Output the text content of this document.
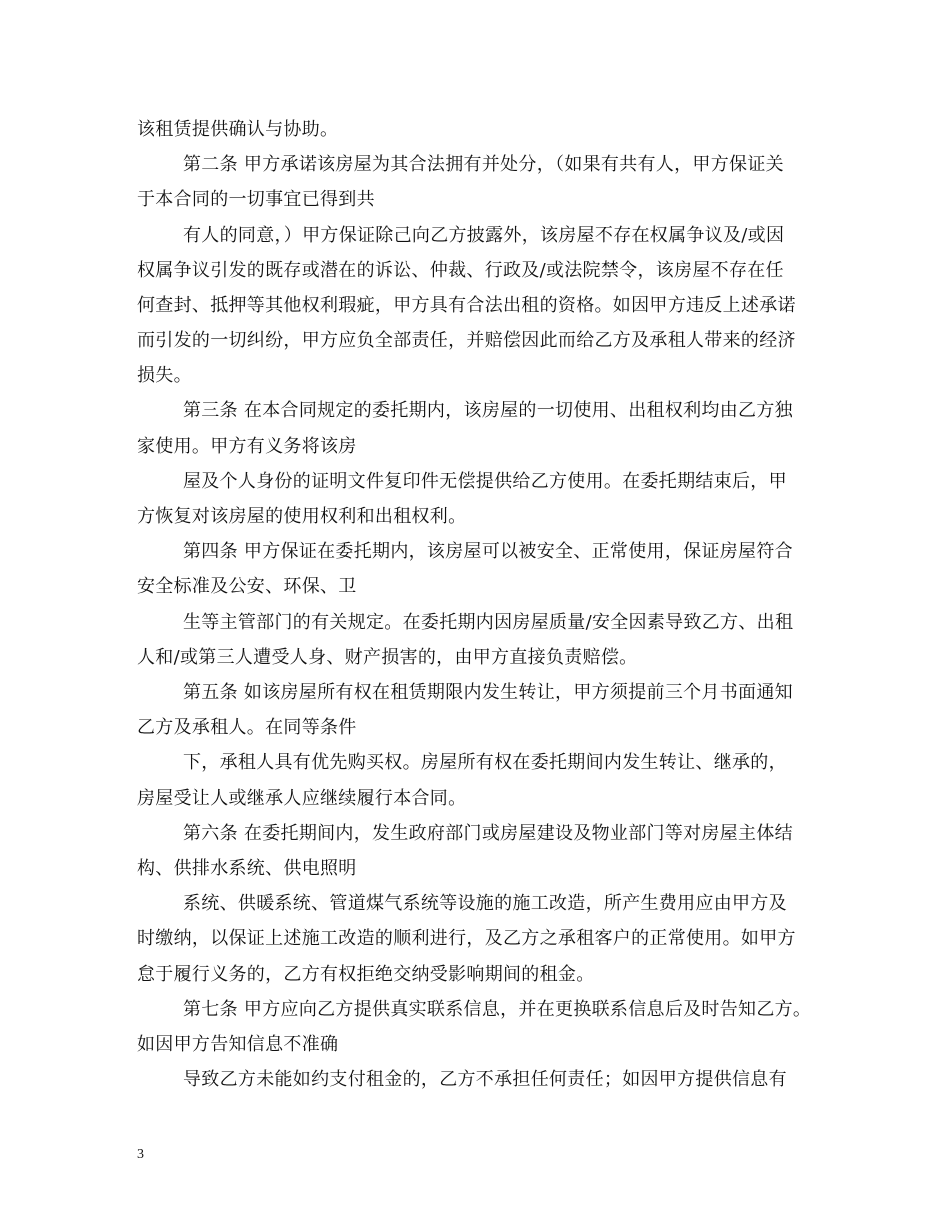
该租赁提供确认与协助。
第二条 甲方承诺该房屋为其合法拥有并处分，（如果有共有人，甲方保证关
于本合同的一切事宜已得到共
有人的同意，）甲方保证除己向乙方披露外，该房屋不存在权属争议及/或因
权属争议引发的既存或潜在的诉讼、仲裁、行政及/或法院禁令，该房屋不存在任
何查封、抵押等其他权利瑕疵，甲方具有合法出租的资格。如因甲方违反上述承诺
而引发的一切纠纷，甲方应负全部责任，并赔偿因此而给乙方及承租人带来的经济
损失。
第三条 在本合同规定的委托期内，该房屋的一切使用、出租权利均由乙方独
家使用。甲方有义务将该房
屋及个人身份的证明文件复印件无偿提供给乙方使用。在委托期结束后，甲
方恢复对该房屋的使用权利和出租权利。
第四条 甲方保证在委托期内，该房屋可以被安全、正常使用，保证房屋符合
安全标准及公安、环保、卫
生等主管部门的有关规定。在委托期内因房屋质量/安全因素导致乙方、出租
人和/或第三人遭受人身、财产损害的，由甲方直接负责赔偿。
第五条 如该房屋所有权在租赁期限内发生转让，甲方须提前三个月书面通知
乙方及承租人。在同等条件
下，承租人具有优先购买权。房屋所有权在委托期间内发生转让、继承的，
房屋受让人或继承人应继续履行本合同。
第六条 在委托期间内，发生政府部门或房屋建设及物业部门等对房屋主体结
构、供排水系统、供电照明
系统、供暖系统、管道煤气系统等设施的施工改造，所产生费用应由甲方及
时缴纳，以保证上述施工改造的顺利进行，及乙方之承租客户的正常使用。如甲方
怠于履行义务的，乙方有权拒绝交纳受影响期间的租金。
第七条 甲方应向乙方提供真实联系信息，并在更换联系信息后及时告知乙方。
如因甲方告知信息不准确
导致乙方未能如约支付租金的，乙方不承担任何责任；如因甲方提供信息有
3
